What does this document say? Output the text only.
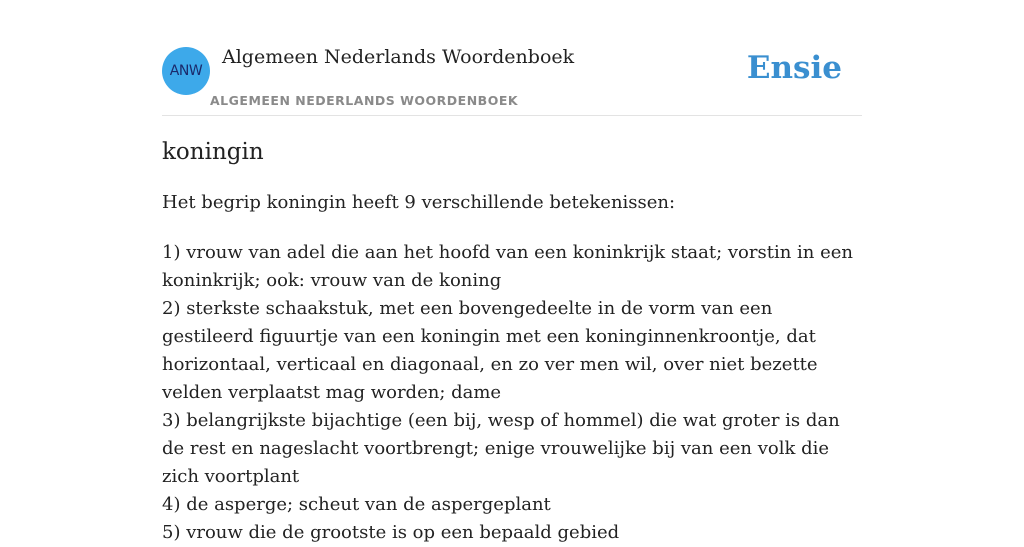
ANW
Algemeen Nederlands Woordenboek
ALGEMEEN NEDERLANDS WOORDENBOEK
Ensie
koningin

Het begrip koningin heeft 9 verschillende betekenissen:

1) vrouw van adel die aan het hoofd van een koninkrijk staat; vorstin in een koninkrijk; ook: vrouw van de koning
2) sterkste schaakstuk, met een bovengedeelte in de vorm van een gestileerd figuurtje van een koningin met een koninginnenkroontje, dat horizontaal, verticaal en diagonaal, en zo ver men wil, over niet bezette velden verplaatst mag worden; dame
3) belangrijkste bijachtige (een bij, wesp of hommel) die wat groter is dan de rest en nageslacht voortbrengt; enige vrouwelijke bij van een volk die zich voortplant
4) de asperge; scheut van de aspergeplant
5) vrouw die de grootste is op een bepaald gebied
